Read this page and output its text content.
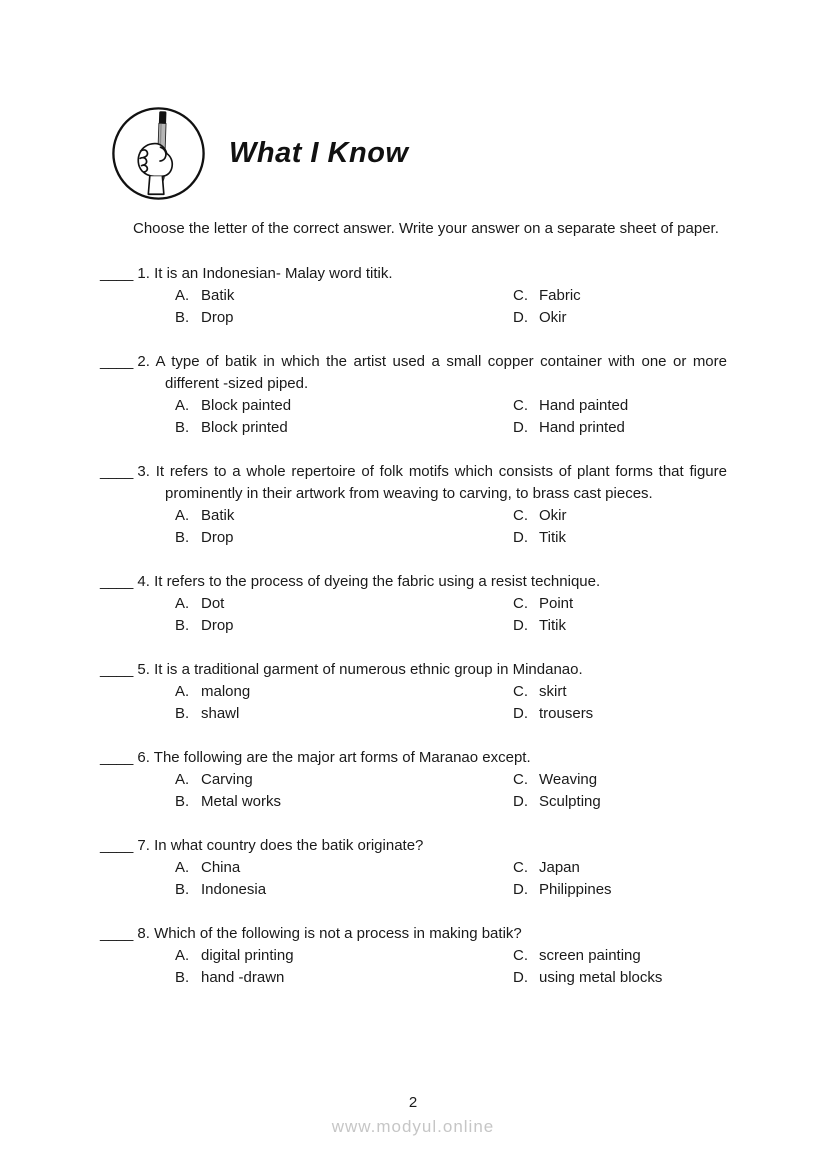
What I Know

Choose the letter of the correct answer. Write your answer on a separate sheet of paper.

____ 1. It is an Indonesian- Malay word titik.

A. Batik	C. Fabric
B. Drop	D. Okir

____ 2. A type of batik in which the artist used a small copper container with one or more different -sized piped.

A. Block painted	C. Hand painted
B. Block printed	D. Hand printed

____ 3. It refers to a whole repertoire of folk motifs which consists of plant forms that figure prominently in their artwork from weaving to carving, to brass cast pieces.

A. Batik	C. Okir
B. Drop	D. Titik

____ 4. It refers to the process of dyeing the fabric using a resist technique.

A. Dot	C. Point
B. Drop	D. Titik

____ 5. It is a traditional garment of numerous ethnic group in Mindanao.

A. malong	C. skirt
B. shawl	D. trousers

____ 6. The following are the major art forms of Maranao except.

A. Carving	C. Weaving
B. Metal works	D. Sculpting

____ 7. In what country does the batik originate?

A. China	C. Japan
B. Indonesia	D. Philippines

____ 8. Which of the following is not a process in making batik?

A. digital printing	C. screen painting
B. hand -drawn	D. using metal blocks
2
www.modyul.online
